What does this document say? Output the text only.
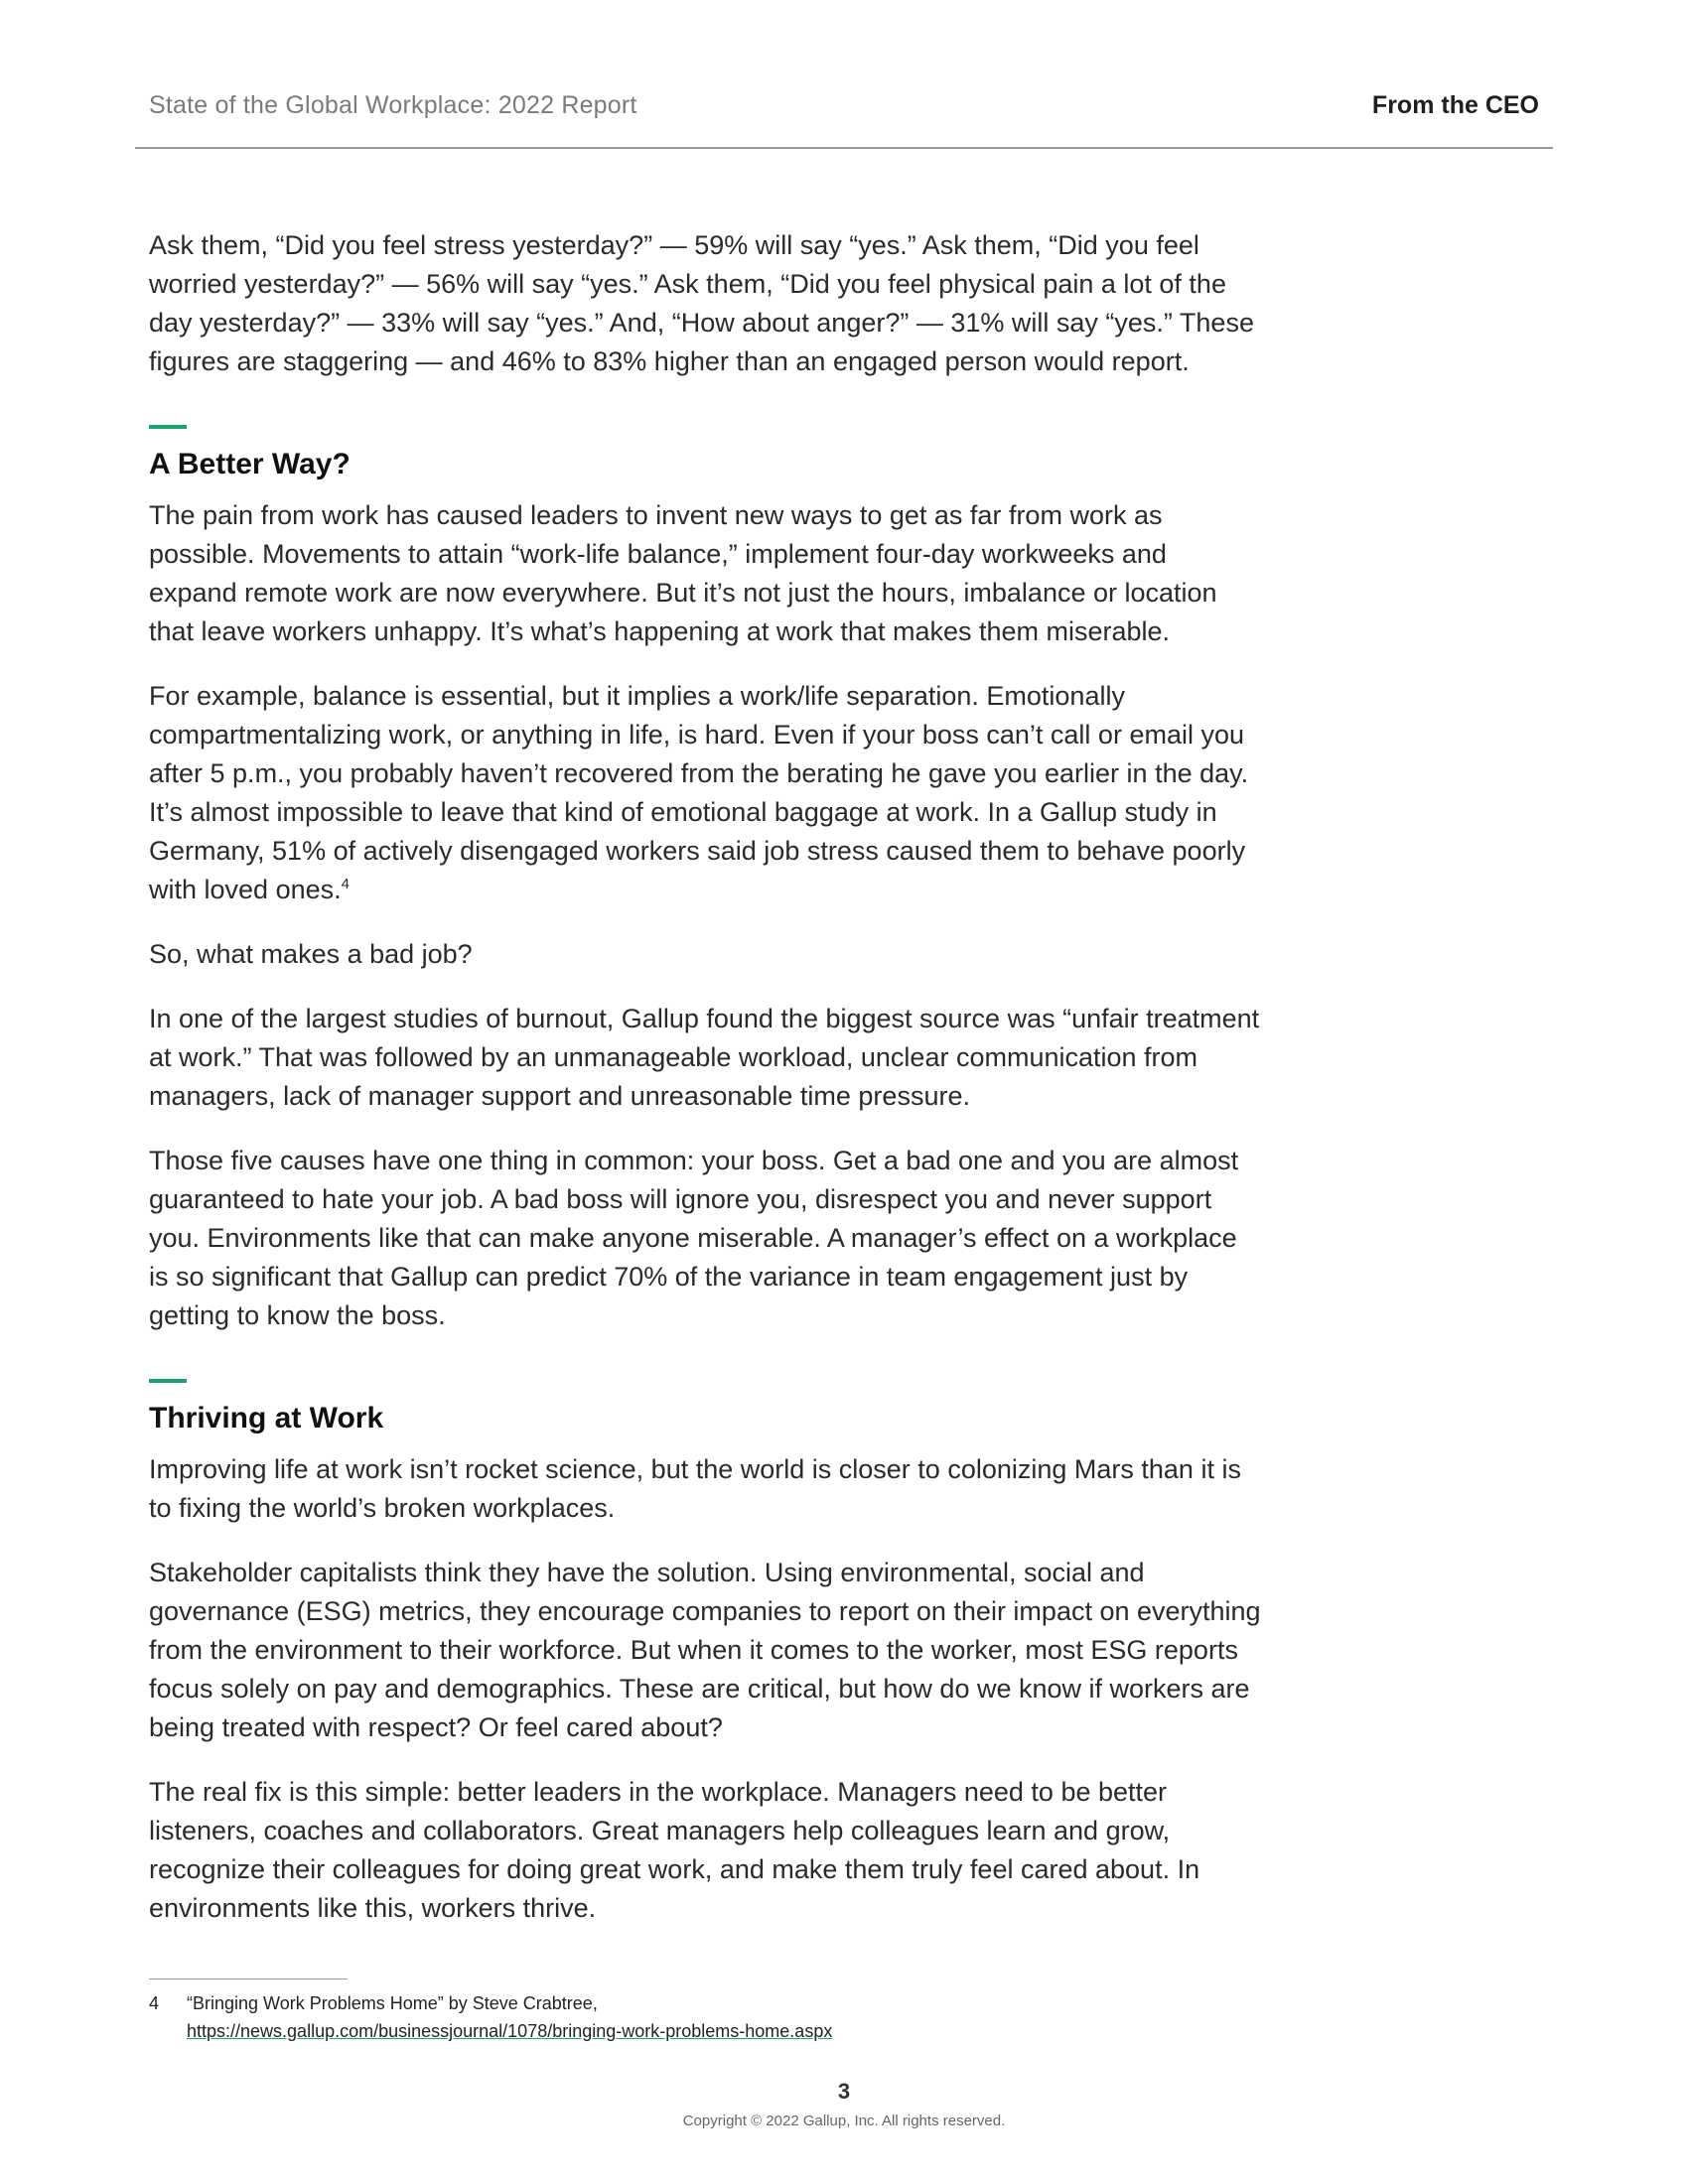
State of the Global Workplace: 2022 Report	From the CEO

Ask them, “Did you feel stress yesterday?” — 59% will say “yes.” Ask them, “Did you feel worried yesterday?” — 56% will say “yes.” Ask them, “Did you feel physical pain a lot of the day yesterday?” — 33% will say “yes.” And, “How about anger?” — 31% will say “yes.” These figures are staggering — and 46% to 83% higher than an engaged person would report.

A Better Way?

The pain from work has caused leaders to invent new ways to get as far from work as possible. Movements to attain “work-life balance,” implement four-day workweeks and expand remote work are now everywhere. But it’s not just the hours, imbalance or location that leave workers unhappy. It’s what’s happening at work that makes them miserable.

For example, balance is essential, but it implies a work/life separation. Emotionally compartmentalizing work, or anything in life, is hard. Even if your boss can’t call or email you after 5 p.m., you probably haven’t recovered from the berating he gave you earlier in the day. It’s almost impossible to leave that kind of emotional baggage at work. In a Gallup study in Germany, 51% of actively disengaged workers said job stress caused them to behave poorly with loved ones.$^4$

So, what makes a bad job?

In one of the largest studies of burnout, Gallup found the biggest source was “unfair treatment at work.” That was followed by an unmanageable workload, unclear communication from managers, lack of manager support and unreasonable time pressure.

Those five causes have one thing in common: your boss. Get a bad one and you are almost guaranteed to hate your job. A bad boss will ignore you, disrespect you and never support you. Environments like that can make anyone miserable. A manager’s effect on a workplace is so significant that Gallup can predict 70% of the variance in team engagement just by getting to know the boss.

Thriving at Work

Improving life at work isn’t rocket science, but the world is closer to colonizing Mars than it is to fixing the world’s broken workplaces.

Stakeholder capitalists think they have the solution. Using environmental, social and governance (ESG) metrics, they encourage companies to report on their impact on everything from the environment to their workforce. But when it comes to the worker, most ESG reports focus solely on pay and demographics. These are critical, but how do we know if workers are being treated with respect? Or feel cared about?

The real fix is this simple: better leaders in the workplace. Managers need to be better listeners, coaches and collaborators. Great managers help colleagues learn and grow, recognize their colleagues for doing great work, and make them truly feel cared about. In environments like this, workers thrive.

4 “Bringing Work Problems Home” by Steve Crabtree,
https://news.gallup.com/businessjournal/1078/bringing-work-problems-home.aspx
3
Copyright © 2022 Gallup, Inc. All rights reserved.
